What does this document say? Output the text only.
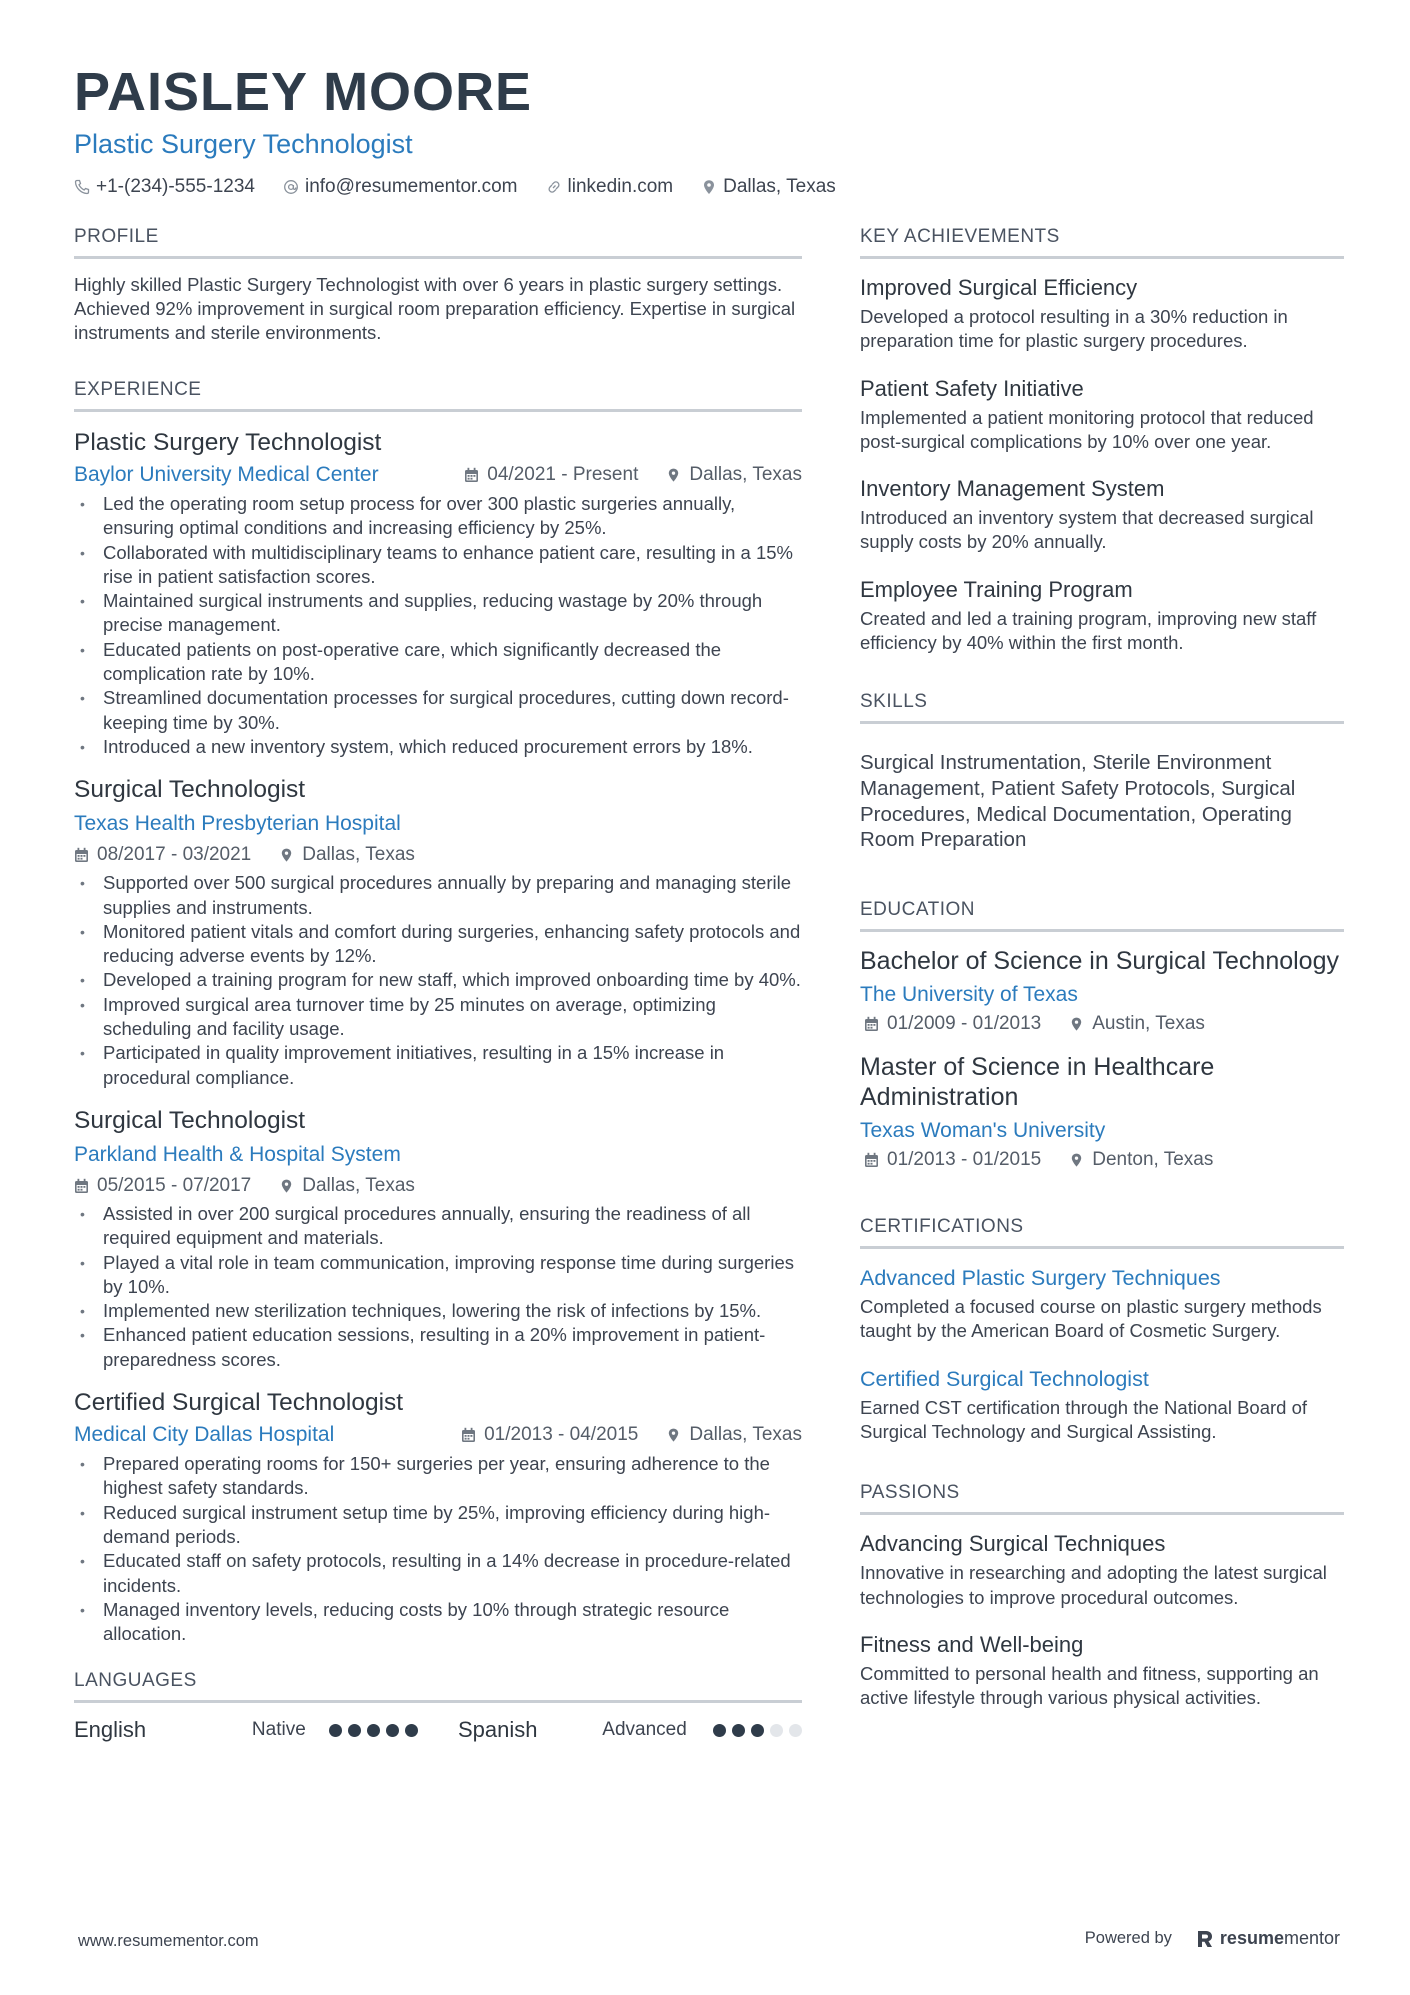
PAISLEY MOORE
Plastic Surgery Technologist
+1-(234)-555-1234	info@resumementor.com	linkedin.com	Dallas, Texas
PROFILE

Highly skilled Plastic Surgery Technologist with over 6 years in plastic surgery settings. Achieved 92% improvement in surgical room preparation efficiency. Expertise in surgical instruments and sterile environments.

EXPERIENCE
Plastic Surgery Technologist
Baylor University Medical Center	04/2021 - Present	Dallas, Texas
• Led the operating room setup process for over 300 plastic surgeries annually, ensuring optimal conditions and increasing efficiency by 25%.
• Collaborated with multidisciplinary teams to enhance patient care, resulting in a 15% rise in patient satisfaction scores.
• Maintained surgical instruments and supplies, reducing wastage by 20% through precise management.
• Educated patients on post-operative care, which significantly decreased the complication rate by 10%.
• Streamlined documentation processes for surgical procedures, cutting down record-keeping time by 30%.
• Introduced a new inventory system, which reduced procurement errors by 18%.
Surgical Technologist
Texas Health Presbyterian Hospital
08/2017 - 03/2021	Dallas, Texas
• Supported over 500 surgical procedures annually by preparing and managing sterile supplies and instruments.
• Monitored patient vitals and comfort during surgeries, enhancing safety protocols and reducing adverse events by 12%.
• Developed a training program for new staff, which improved onboarding time by 40%.
• Improved surgical area turnover time by 25 minutes on average, optimizing scheduling and facility usage.
• Participated in quality improvement initiatives, resulting in a 15% increase in procedural compliance.
Surgical Technologist
Parkland Health & Hospital System
05/2015 - 07/2017	Dallas, Texas
• Assisted in over 200 surgical procedures annually, ensuring the readiness of all required equipment and materials.
• Played a vital role in team communication, improving response time during surgeries by 10%.
• Implemented new sterilization techniques, lowering the risk of infections by 15%.
• Enhanced patient education sessions, resulting in a 20% improvement in patient-preparedness scores.
Certified Surgical Technologist
Medical City Dallas Hospital	01/2013 - 04/2015	Dallas, Texas
• Prepared operating rooms for 150+ surgeries per year, ensuring adherence to the highest safety standards.
• Reduced surgical instrument setup time by 25%, improving efficiency during high-demand periods.
• Educated staff on safety protocols, resulting in a 14% decrease in procedure-related incidents.
• Managed inventory levels, reducing costs by 10% through strategic resource allocation.
LANGUAGES
English	Native	Spanish	Advanced
KEY ACHIEVEMENTS
Improved Surgical Efficiency
Developed a protocol resulting in a 30% reduction in preparation time for plastic surgery procedures.
Patient Safety Initiative
Implemented a patient monitoring protocol that reduced post-surgical complications by 10% over one year.
Inventory Management System
Introduced an inventory system that decreased surgical supply costs by 20% annually.
Employee Training Program
Created and led a training program, improving new staff efficiency by 40% within the first month.
SKILLS
Surgical Instrumentation, Sterile Environment Management, Patient Safety Protocols, Surgical Procedures, Medical Documentation, Operating Room Preparation
EDUCATION
Bachelor of Science in Surgical Technology
The University of Texas
01/2009 - 01/2013	Austin, Texas
Master of Science in Healthcare Administration
Texas Woman's University
01/2013 - 01/2015	Denton, Texas
CERTIFICATIONS
Advanced Plastic Surgery Techniques
Completed a focused course on plastic surgery methods taught by the American Board of Cosmetic Surgery.
Certified Surgical Technologist
Earned CST certification through the National Board of Surgical Technology and Surgical Assisting.
PASSIONS
Advancing Surgical Techniques
Innovative in researching and adopting the latest surgical technologies to improve procedural outcomes.
Fitness and Well-being
Committed to personal health and fitness, supporting an active lifestyle through various physical activities.
www.resumementor.com	Powered by	resume mentor
